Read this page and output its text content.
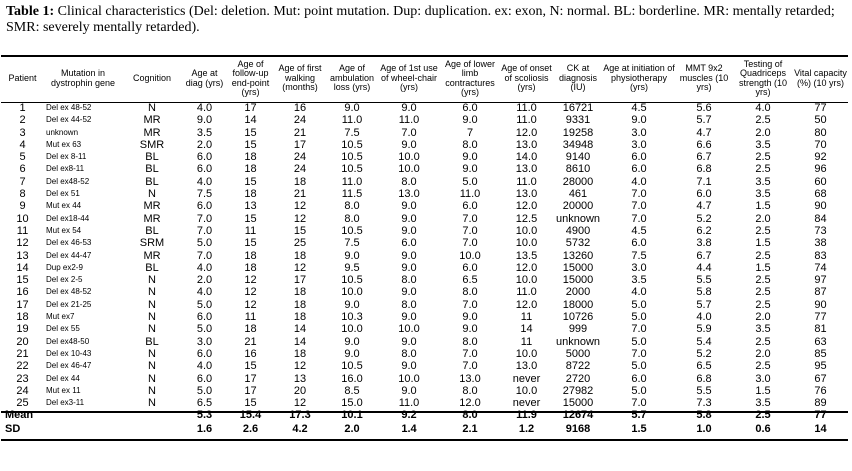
Table 1: Clinical characteristics (Del: deletion. Mut: point mutation. Dup: duplication. ex: exon, N: normal. BL: borderline. MR: mentally retarded; SMR: severely mentally retarded).
Patient	Mutation in dystrophin gene	Cognition	Age at diag (yrs)	Age of follow-up end-point (yrs)	Age of first walking (months)	Age of ambulation loss (yrs)	Age of 1st use of wheel-chair (yrs)	Age of lower limb contractures (yrs)	Age of onset of scoliosis (yrs)	CK at diagnosis (IU)	Age at initiation of physiotherapy (yrs)	MMT 9x2 muscles (10 yrs)	Testing of Quadriceps strength (10 yrs)	Vital capacity (%) (10 yrs)
1	Del ex 48-52	N	4.0	17	16	9.0	9.0	6.0	11.0	16721	4.5	5.6	4.0	77
2	Del ex 44-52	MR	9.0	14	24	11.0	11.0	9.0	11.0	9331	9.0	5.7	2.5	50
3	unknown	MR	3.5	15	21	7.5	7.0	7	12.0	19258	3.0	4.7	2.0	80
4	Mut ex 63	SMR	2.0	15	17	10.5	9.0	8.0	13.0	34948	3.0	6.6	3.5	70
5	Del ex 8-11	BL	6.0	18	24	10.5	10.0	9.0	14.0	9140	6.0	6.7	2.5	92
6	Del ex8-11	BL	6.0	18	24	10.5	10.0	9.0	13.0	8610	6.0	6.8	2.5	96
7	Del ex48-52	BL	4.0	15	18	11.0	8.0	5.0	11.0	28000	4.0	7.1	3.5	60
8	Del ex 51	N	7.5	18	21	11.5	13.0	11.0	13.0	461	7.0	6.0	3.5	68
9	Mut ex 44	MR	6.0	13	12	8.0	9.0	6.0	12.0	20000	7.0	4.7	1.5	90
10	Del ex18-44	MR	7.0	15	12	8.0	9.0	7.0	12.5	unknown	7.0	5.2	2.0	84
11	Mut ex 54	BL	7.0	11	15	10.5	9.0	7.0	10.0	4900	4.5	6.2	2.5	73
12	Del ex 46-53	SRM	5.0	15	25	7.5	6.0	7.0	10.0	5732	6.0	3.8	1.5	38
13	Del ex 44-47	MR	7.0	18	18	9.0	9.0	10.0	13.5	13260	7.5	6.7	2.5	83
14	Dup ex2-9	BL	4.0	18	12	9.5	9.0	6.0	12.0	15000	3.0	4.4	1.5	74
15	Del ex 2-5	N	2.0	12	17	10.5	8.0	6.5	10.0	15000	3.5	5.5	2.5	97
16	Del ex 48-52	N	4.0	12	18	10.0	9.0	8.0	11.0	2000	4.0	5.8	2.5	87
17	Del ex 21-25	N	5.0	12	18	9.0	8.0	7.0	12.0	18000	5.0	5.7	2.5	90
18	Mut ex7	N	6.0	11	18	10.3	9.0	9.0	11	10726	5.0	4.0	2.0	77
19	Del ex 55	N	5.0	18	14	10.0	10.0	9.0	14	999	7.0	5.9	3.5	81
20	Del ex48-50	BL	3.0	21	14	9.0	9.0	8.0	11	unknown	5.0	5.4	2.5	63
21	Del ex 10-43	N	6.0	16	18	9.0	8.0	7.0	10.0	5000	7.0	5.2	2.0	85
22	Del ex 46-47	N	4.0	15	12	10.5	9.0	7.0	13.0	8722	5.0	6.5	2.5	95
23	Del ex 44	N	6.0	17	13	16.0	10.0	13.0	never	2720	6.0	6.8	3.0	67
24	Mut ex 11	N	5.0	17	20	8.5	9.0	8.0	10.0	27982	5.0	5.5	1.5	76
25	Del ex3-11	N	6.5	15	12	15.0	11.0	12.0	never	15000	7.0	7.3	3.5	89
Mean			5.3	15.4	17.3	10.1	9.2	8.0	11.9	12674	5.7	5.8	2.5	77
SD			1.6	2.6	4.2	2.0	1.4	2.1	1.2	9168	1.5	1.0	0.6	14
